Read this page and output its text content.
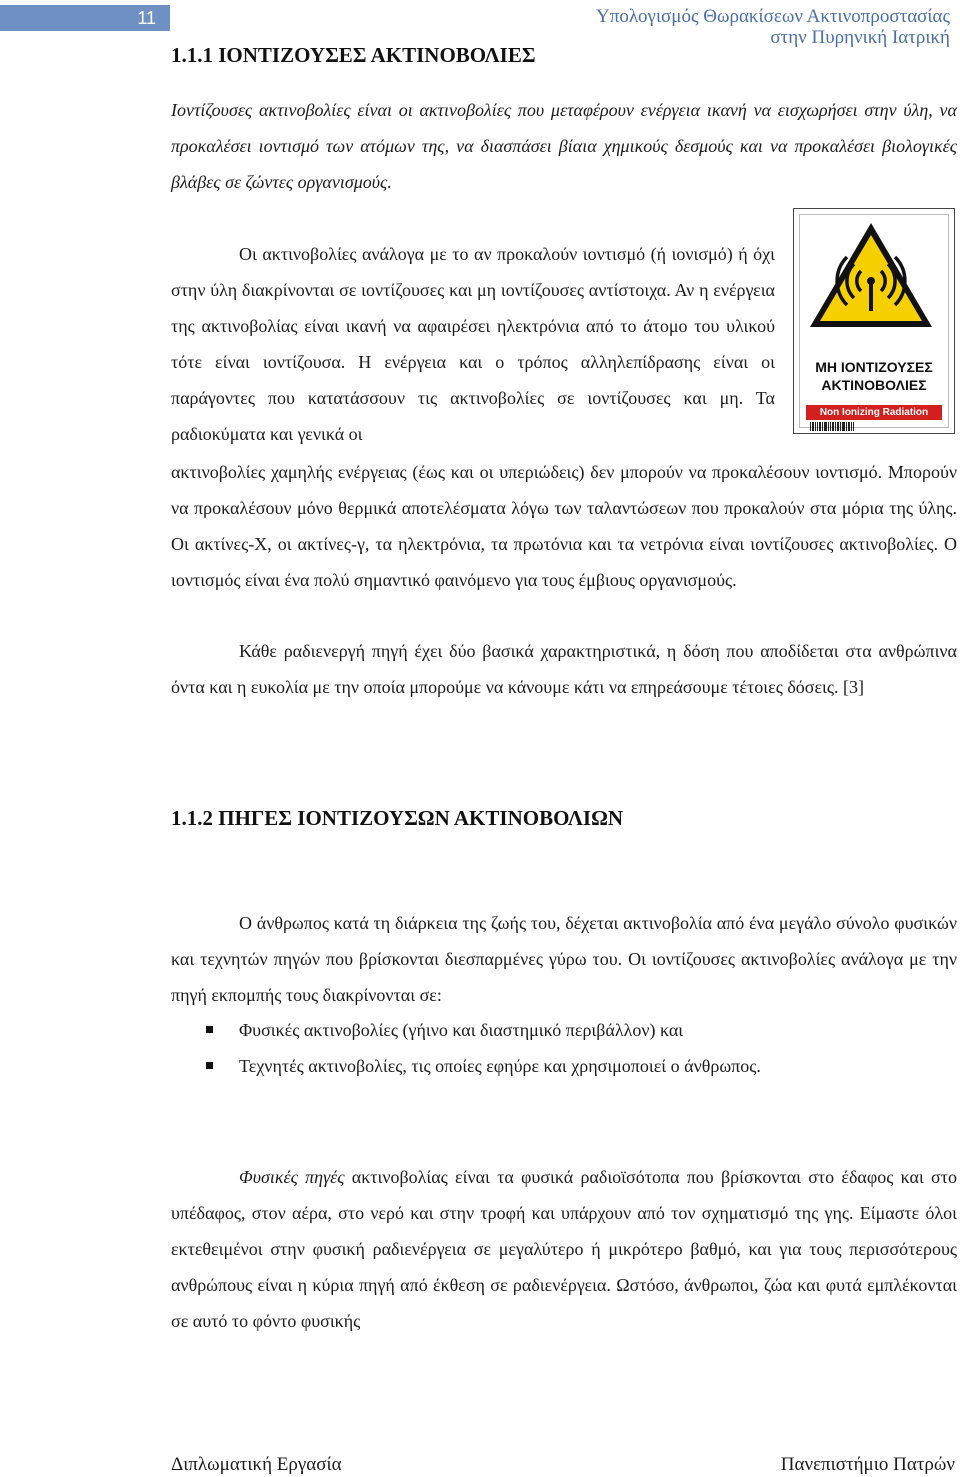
11	Υπολογισμός Θωρακίσεων Ακτινοπροστασίας
στην Πυρηνική Ιατρική
1.1.1 ΙΟΝΤΙΖΟΥΣΕΣ ΑΚΤΙΝΟΒΟΛΙΕΣ
Ιοντίζουσες ακτινοβολίες είναι οι ακτινοβολίες που μεταφέρουν ενέργεια ικανή να εισχωρήσει στην ύλη, να προκαλέσει ιοντισμό των ατόμων της, να διασπάσει βίαια χημικούς δεσμούς και να προκαλέσει βιολογικές βλάβες σε ζώντες οργανισμούς.
Οι ακτινοβολίες ανάλογα με το αν προκαλούν ιοντισμό (ή ιονισμό) ή όχι στην ύλη διακρίνονται σε ιοντίζουσες και μη ιοντίζουσες αντίστοιχα. Αν η ενέργεια της ακτινοβολίας είναι ικανή να αφαιρέσει ηλεκτρόνια από το άτομο του υλικού τότε είναι ιοντίζουσα. Η ενέργεια και ο τρόπος αλληλεπίδρασης είναι οι παράγοντες που κατατάσσουν τις ακτινοβολίες σε ιοντίζουσες και μη. Τα ραδιοκύματα και γενικά οι
ΜΗ ΙΟΝΤΙΖΟΥΣΕΣ
ΑΚΤΙΝΟΒΟΛΙΕΣ
Non Ionizing Radiation
ακτινοβολίες χαμηλής ενέργειας (έως και οι υπεριώδεις) δεν μπορούν να προκαλέσουν ιοντισμό. Μπορούν να προκαλέσουν μόνο θερμικά αποτελέσματα λόγω των ταλαντώσεων που προκαλούν στα μόρια της ύλης. Οι ακτίνες-Χ, οι ακτίνες-γ, τα ηλεκτρόνια, τα πρωτόνια και τα νετρόνια είναι ιοντίζουσες ακτινοβολίες. Ο ιοντισμός είναι ένα πολύ σημαντικό φαινόμενο για τους έμβιους οργανισμούς.
Κάθε ραδιενεργή πηγή έχει δύο βασικά χαρακτηριστικά, η δόση που αποδίδεται στα ανθρώπινα όντα και η ευκολία με την οποία μπορούμε να κάνουμε κάτι να επηρεάσουμε τέτοιες δόσεις. [3]
1.1.2 ΠΗΓΕΣ ΙΟΝΤΙΖΟΥΣΩΝ ΑΚΤΙΝΟΒΟΛΙΩΝ
Ο άνθρωπος κατά τη διάρκεια της ζωής του, δέχεται ακτινοβολία από ένα μεγάλο σύνολο φυσικών και τεχνητών πηγών που βρίσκονται διεσπαρμένες γύρω του. Οι ιοντίζουσες ακτινοβολίες ανάλογα με την πηγή εκπομπής τους διακρίνονται σε:
Φυσικές ακτινοβολίες (γήινο και διαστημικό περιβάλλον) και
Τεχνητές ακτινοβολίες, τις οποίες εφηύρε και χρησιμοποιεί ο άνθρωπος.
Φυσικές πηγές ακτινοβολίας είναι τα φυσικά ραδιοϊσότοπα που βρίσκονται στο έδαφος και στο υπέδαφος, στον αέρα, στο νερό και στην τροφή και υπάρχουν από τον σχηματισμό της γης. Είμαστε όλοι εκτεθειμένοι στην φυσική ραδιενέργεια σε μεγαλύτερο ή μικρότερο βαθμό, και για τους περισσότερους ανθρώπους είναι η κύρια πηγή από έκθεση σε ραδιενέργεια. Ωστόσο, άνθρωποι, ζώα και φυτά εμπλέκονται σε αυτό το φόντο φυσικής
Διπλωματική Εργασία	Πανεπιστήμιο Πατρών
